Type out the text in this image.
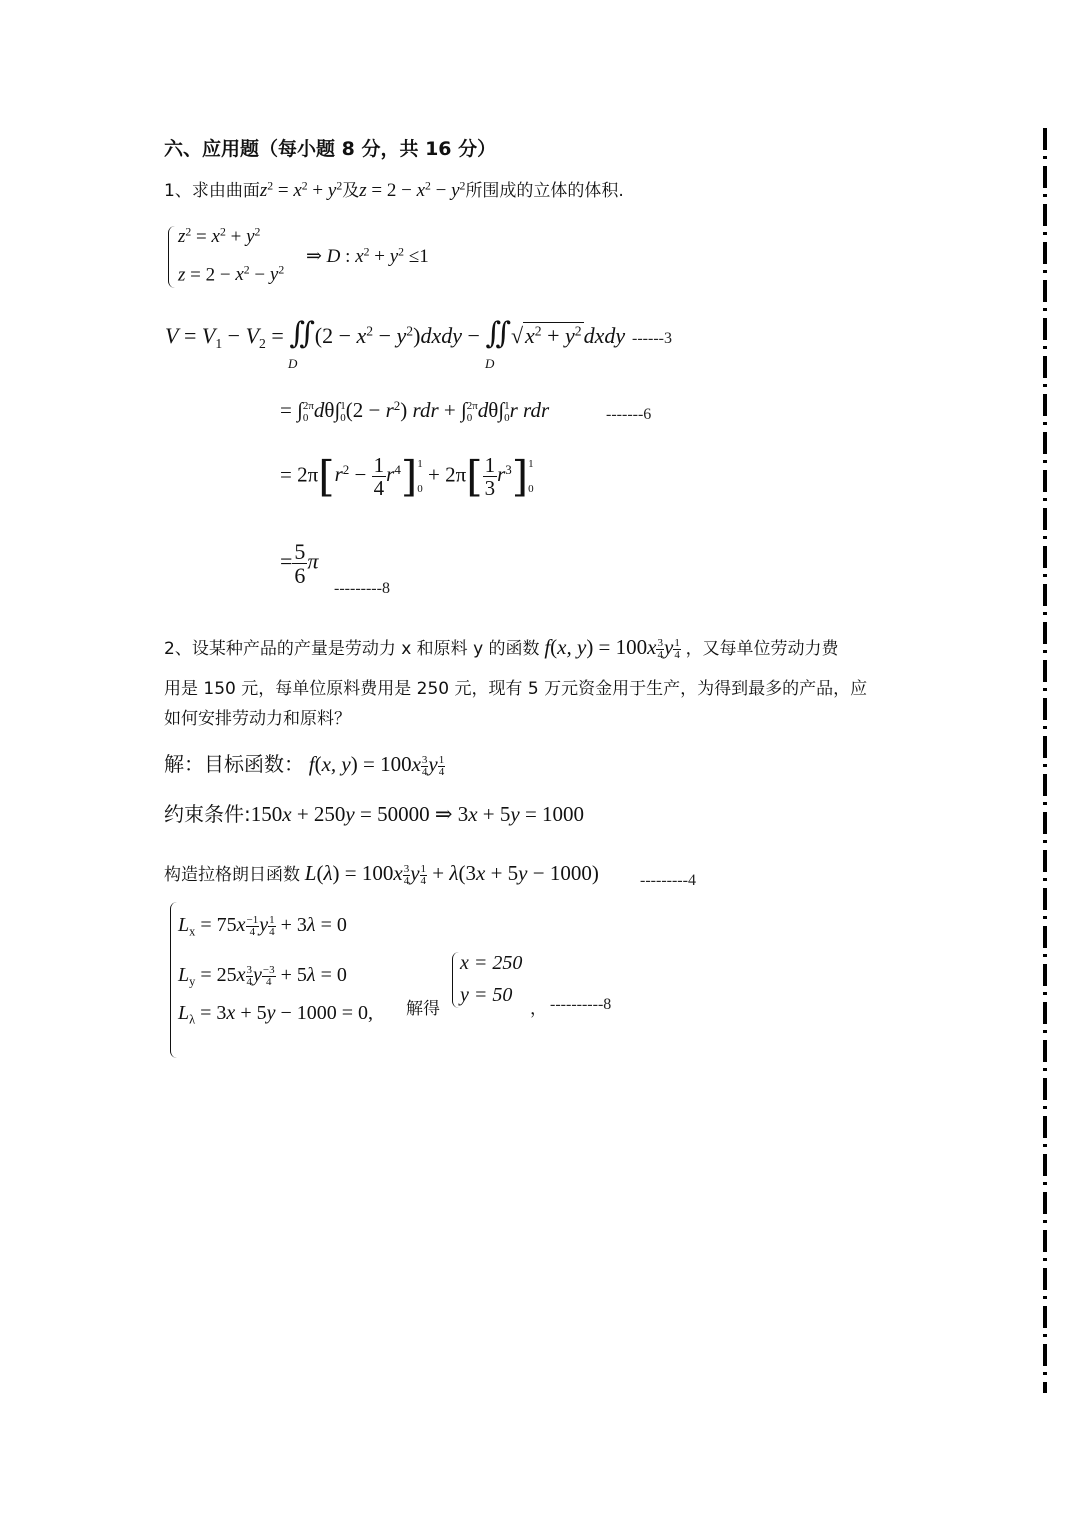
六、应用题（每小题 8 分，共 16 分）
1、求由曲面$z^2 = x^2 + y^2$及$z = 2 - x^2 - y^2$所围成的立体的体积.
$z^2 = x^2 + y^2$
$z = 2 - x^2 - y^2$
⇒ D : $x^2 + y^2 \le 1$
$V = V_1 - V_2$ = ∬(2 − $x^2$ − $y^2)dxdy$ − $∬√x^2$ + $y^2dxdy$
D	D
------3
= ∫ 2π
0 dθ∫ 1
0 $(2 - r^2)$ rdr + ∫ 2π
0 dθ∫ 1
0 r rdr	-------6
= $2\pi[r^2 - \frac{1}{4} r^4]$ 1

0
+ $2\pi[ \frac{1}{3} r^3]$ 1

0
= $\frac{5}{6}$ π
---------8
2、设某种产品的产量是劳动力 x 和原料 y 的函数 f(x, $y) = 100x \frac{3}{4}$ y $\frac{1}{4}$ ，又每单位劳动力费
用是 150 元，每单位原料费用是 250 元，现有 5 万元资金用于生产，为得到最多的产品，应
如何安排劳动力和原料？
解：目标函数： f(x, $y) = 100x \frac{3}{4}$ y $\frac{1}{4}$
约束条件:150x + 250y = 50000 ⇒ 3x + 5y = 1000
构造拉格朗日函数 $L(\lambda) = 100x \frac{3}{4}$ y $\frac{1}{4} + \lambda(3x + 5y - 1000)$	---------4
$L_x = 75x \frac{-1}{4}$ y $\frac{1}{4} + 3\lambda = 0$
$L_y = 25x \frac{3}{4}$ y $\frac{-3}{4} + 5\lambda = 0$
$L_\lambda = 3x + 5y - 1000 = 0$, 解得
x = 250
y = 50
， ----------8
